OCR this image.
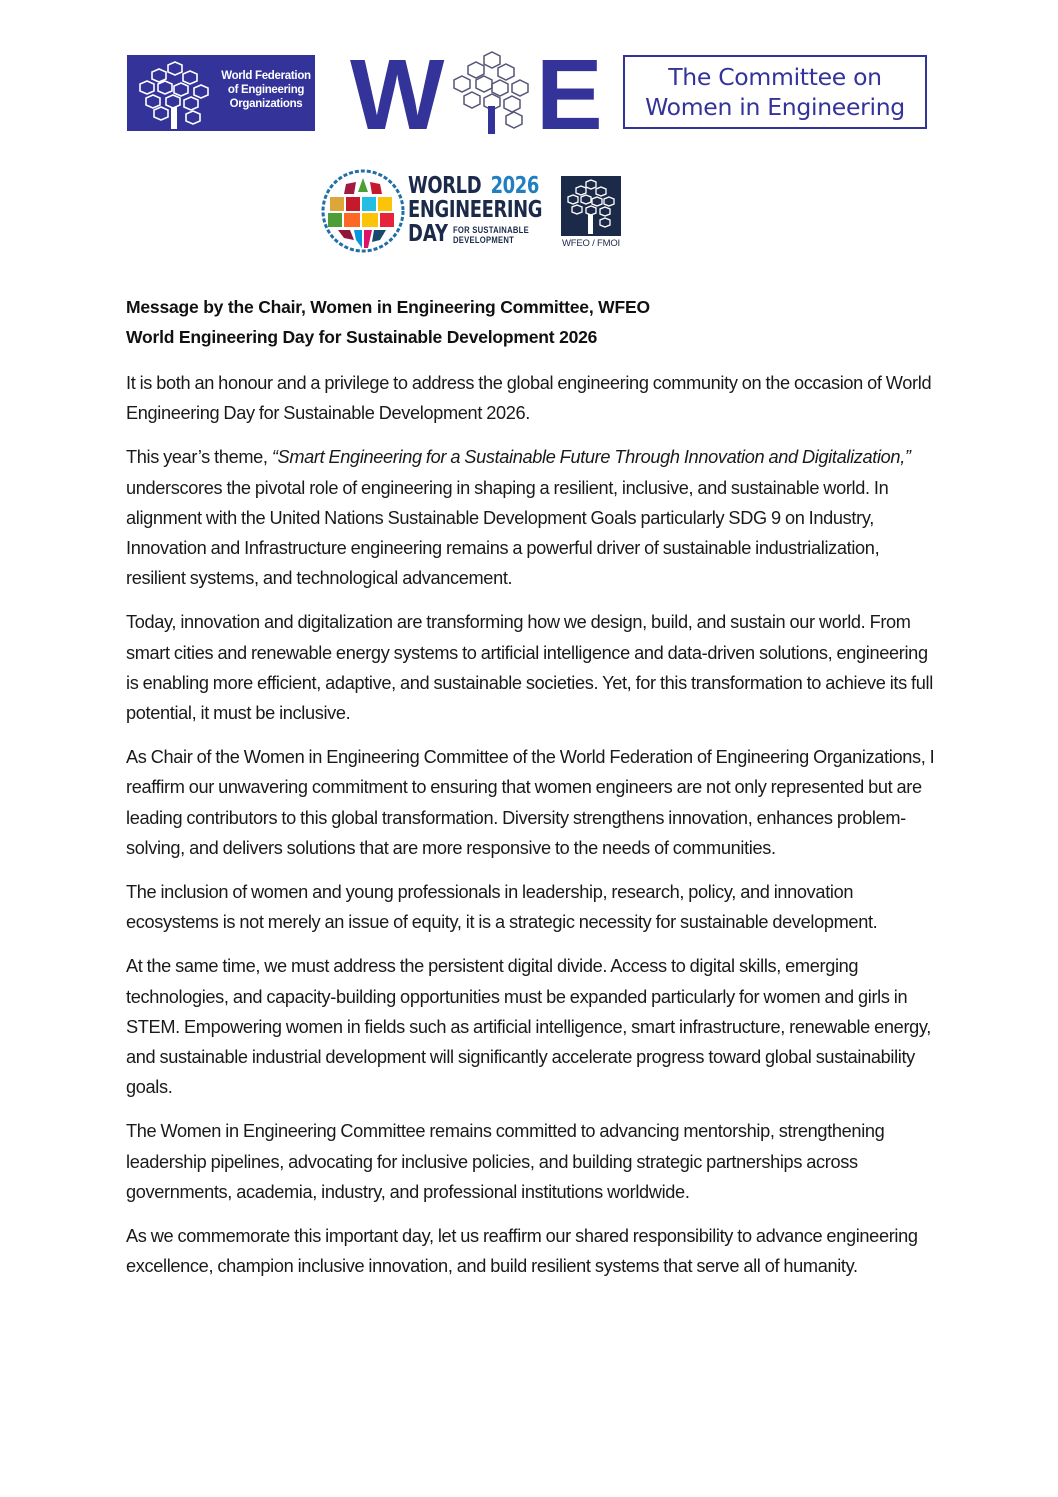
World Federation
of Engineering
Organizations W E	The Committee on
Women in Engineering
WORLD 2026
ENGINEERING
DAY FOR SUSTAINABLE
DEVELOPMENT	WFEO / FMOI

Message by the Chair, Women in Engineering Committee, WFEO

World Engineering Day for Sustainable Development 2026

It is both an honour and a privilege to address the global engineering community on the occasion of World Engineering Day for Sustainable Development 2026.

This year’s theme, “Smart Engineering for a Sustainable Future Through Innovation and Digitalization,” underscores the pivotal role of engineering in shaping a resilient, inclusive, and sustainable world. In alignment with the United Nations Sustainable Development Goals particularly SDG 9 on Industry, Innovation and Infrastructure engineering remains a powerful driver of sustainable industrialization, resilient systems, and technological advancement.

Today, innovation and digitalization are transforming how we design, build, and sustain our world. From smart cities and renewable energy systems to artificial intelligence and data-driven solutions, engineering is enabling more efficient, adaptive, and sustainable societies. Yet, for this transformation to achieve its full potential, it must be inclusive.

As Chair of the Women in Engineering Committee of the World Federation of Engineering Organizations, I reaffirm our unwavering commitment to ensuring that women engineers are not only represented but are leading contributors to this global transformation. Diversity strengthens innovation, enhances problem-solving, and delivers solutions that are more responsive to the needs of communities.

The inclusion of women and young professionals in leadership, research, policy, and innovation ecosystems is not merely an issue of equity, it is a strategic necessity for sustainable development.

At the same time, we must address the persistent digital divide. Access to digital skills, emerging technologies, and capacity-building opportunities must be expanded particularly for women and girls in STEM. Empowering women in fields such as artificial intelligence, smart infrastructure, renewable energy, and sustainable industrial development will significantly accelerate progress toward global sustainability goals.

The Women in Engineering Committee remains committed to advancing mentorship, strengthening leadership pipelines, advocating for inclusive policies, and building strategic partnerships across governments, academia, industry, and professional institutions worldwide.

As we commemorate this important day, let us reaffirm our shared responsibility to advance engineering excellence, champion inclusive innovation, and build resilient systems that serve all of humanity.
